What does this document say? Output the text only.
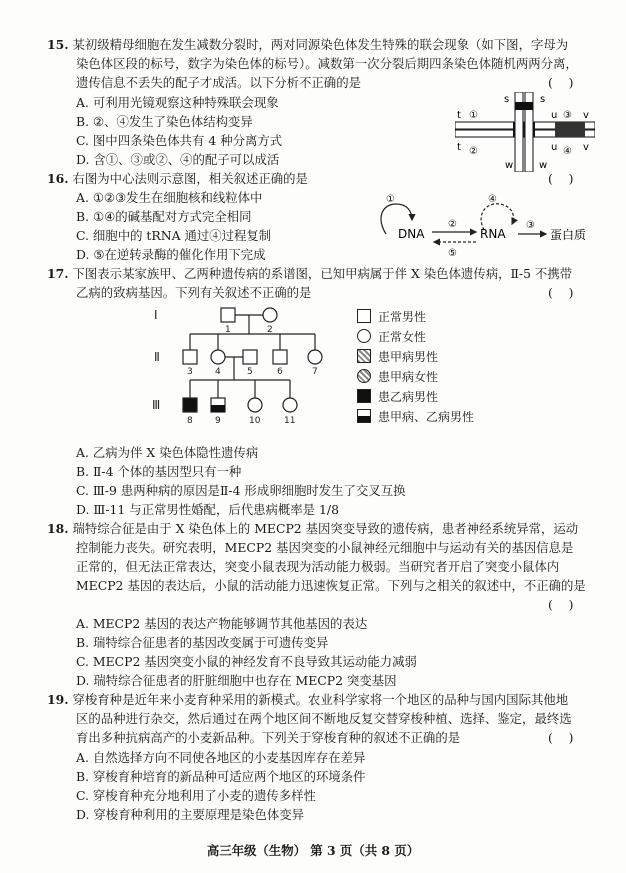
15. 某初级精母细胞在发生减数分裂时，两对同源染色体发生特殊的联会现象（如下图，字母为
染色体区段的标号，数字为染色体的标号）。减数第一次分裂后期四条染色体随机两两分离，
遗传信息不丢失的配子才成活。以下分析不正确的是	(    )
A. 可利用光镜观察这种特殊联会现象
B. ②、④发生了染色体结构变异
C. 图中四条染色体共有 4 种分离方式
D. 含①、③或②、④的配子可以成活
s	s
t
t
u
u
v
v
w	w
①
②
③
④
16. 右图为中心法则示意图，相关叙述正确的是	(    )
A. ①②③发生在细胞核和线粒体中
B. ①④的碱基配对方式完全相同
C. 细胞中的 tRNA 通过④过程复制
D. ⑤在逆转录酶的催化作用下完成
①
DNA
②
⑤
④
RNA
③
蛋白质
17. 下图表示某家族甲、乙两种遗传病的系谱图，已知甲病属于伴 X 染色体遗传病，Ⅱ-5 不携带
乙病的致病基因。下列有关叙述不正确的是	(    )
Ⅰ
Ⅱ
Ⅲ
1	2
3 4	5	6	7
8 9	10	11
正常男性
正常女性
患甲病男性
患甲病女性
患乙病男性
患甲病、乙病男性
A. 乙病为伴 X 染色体隐性遗传病
B. Ⅱ-4 个体的基因型只有一种
C. Ⅲ-9 患两种病的原因是Ⅱ-4 形成卵细胞时发生了交叉互换
D. Ⅲ-11 与正常男性婚配，后代患病概率是 1/8
18. 瑞特综合征是由于 X 染色体上的 MECP2 基因突变导致的遗传病，患者神经系统异常，运动
控制能力丧失。研究表明，MECP2 基因突变的小鼠神经元细胞中与运动有关的基因信息是
正常的，但无法正常表达，突变小鼠表现为活动能力极弱。当研究者开启了突变小鼠体内
MECP2 基因的表达后，小鼠的活动能力迅速恢复正常。下列与之相关的叙述中，不正确的是
(    )
A. MECP2 基因的表达产物能够调节其他基因的表达
B. 瑞特综合征患者的基因改变属于可遗传变异
C. MECP2 基因突变小鼠的神经发育不良导致其运动能力减弱
D. 瑞特综合征患者的肝脏细胞中也存在 MECP2 突变基因
19. 穿梭育种是近年来小麦育种采用的新模式。农业科学家将一个地区的品种与国内国际其他地
区的品种进行杂交，然后通过在两个地区间不断地反复交替穿梭种植、选择、鉴定，最终选
育出多种抗病高产的小麦新品种。下列关于穿梭育种的叙述不正确的是	(    )
A. 自然选择方向不同使各地区的小麦基因库存在差异
B. 穿梭育种培育的新品种可适应两个地区的环境条件
C. 穿梭育种充分地利用了小麦的遗传多样性
D. 穿梭育种利用的主要原理是染色体变异
高三年级（生物） 第 3 页（共 8 页）
